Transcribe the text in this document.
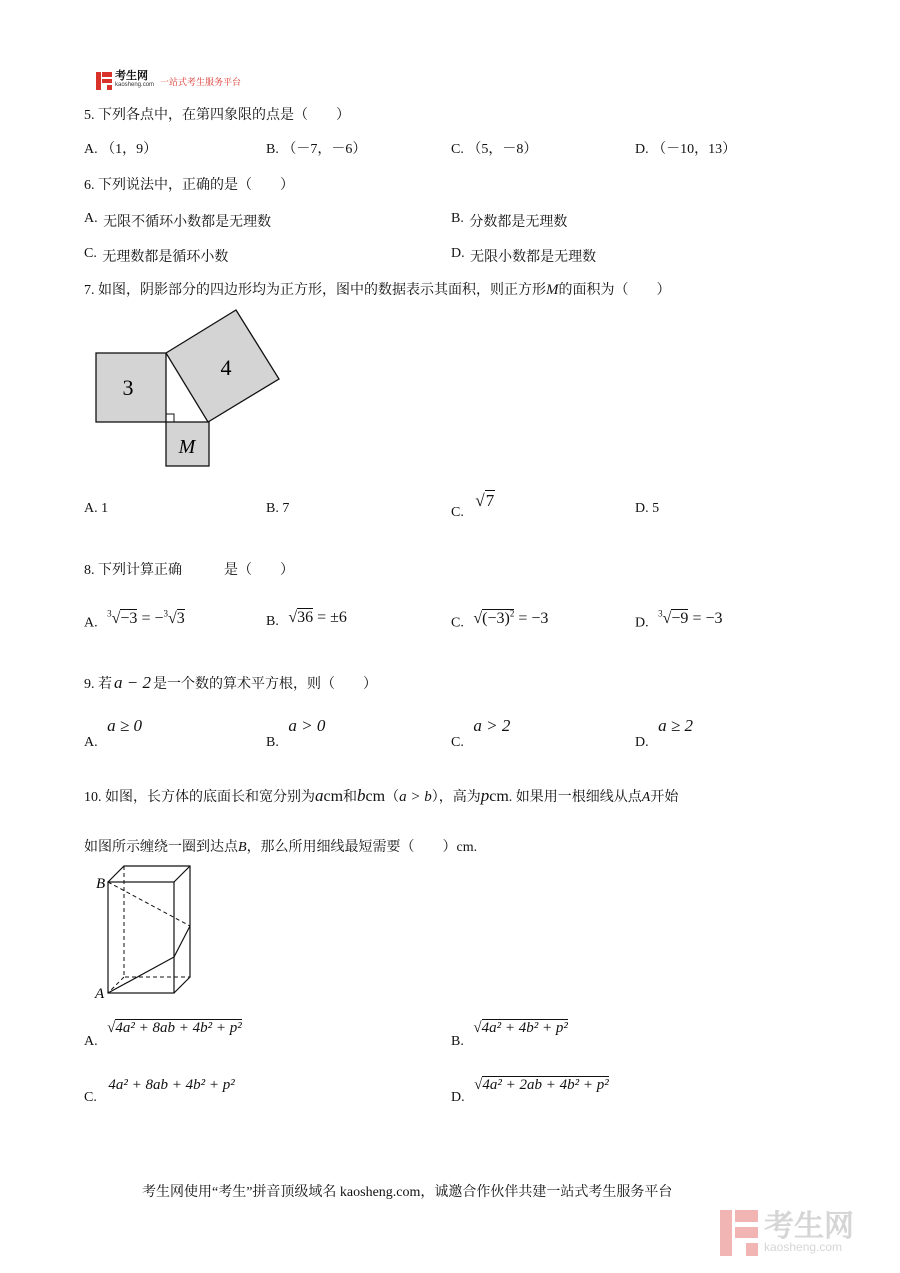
考生网
kaosheng.com 一站式考生服务平台
5. 下列各点中，在第四象限的点是（　　）
A. （1，9）	B. （－7，－6）	C. （5，－8）	D. （－10，13）
6. 下列说法中，正确的是（　　）
A. 无限不循环小数都是无理数	B. 分数都是无理数
C. 无理数都是循环小数	D. 无限小数都是无理数
7. 如图，阴影部分的四边形均为正方形，图中的数据表示其面积，则正方形M的面积为（　　）
3
4
M
A. 1	B. 7	C. √7	D. 5
8. 下列计算正确	是（　　）
A. $^3$√−3 = −$^3$√3	B. √36 = ±6	C. $√(-3)^2 = -3$	D. $^3$√−9 = −3
9. 若 a − 2 是一个数的算术平方根，则（　　）
A. a ≥ 0
B. a > 0
C. a > 2
D. a ≥ 2
10. 如图，长方体的底面长和宽分别为acm和bcm（a > b），高为pcm. 如果用一根细线从点A开始
如图所示缠绕一圈到达点B，那么所用细线最短需要（　　）cm.
B
A
A. √4a² + 8ab + 4b² + p²
B. √4a² + 4b² + p²
C. 4a² + 8ab + 4b² + p²
D. √4a² + 2ab + 4b² + p²
考生网使用“考生”拼音顶级域名 kaosheng.com，诚邀合作伙伴共建一站式考生服务平台
考生网
kaosheng.com
